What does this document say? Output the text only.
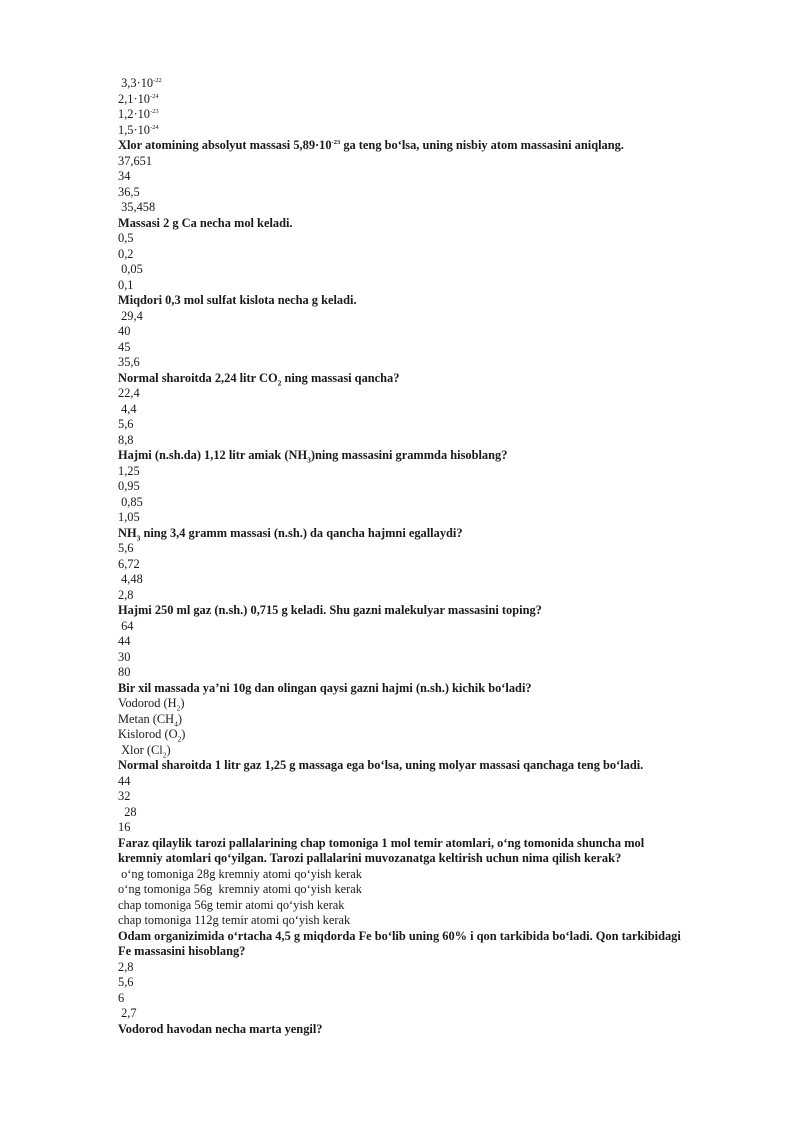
$3,3\cdot 10^{-22}$
$2,1\cdot 10^{-24}$
$1,2\cdot 10^{-23}$
$1,5\cdot 10^{-24}$
Xlor atomining absolyut massasi $5,89\cdot 10^{-23}$ ga teng bo‘lsa, uning nisbiy atom massasini aniqlang.
37,651
34
36,5
35,458
Massasi 2 g Ca necha mol keladi.
0,5
0,2
0,05
0,1
Miqdori 0,3 mol sulfat kislota necha g keladi.
29,4
40
45
35,6
Normal sharoitda 2,24 litr $CO_2$ ning massasi qancha?
22,4
4,4
5,6
8,8
Hajmi (n.sh.da) 1,12 litr amiak $(NH_3)ning$ massasini grammda hisoblang?
1,25
0,95
0,85
1,05
$NH_3$ ning 3,4 gramm massasi (n.sh.) da qancha hajmni egallaydi?
5,6
6,72
4,48
2,8
Hajmi 250 ml gaz (n.sh.) 0,715 g keladi. Shu gazni malekulyar massasini toping?
64
44
30
80
Bir xil massada ya’ni 10g dan olingan qaysi gazni hajmi (n.sh.) kichik bo‘ladi?
Vodorod $(H_2)$
Metan $(CH_4)$
Kislorod $(O_2)$
Xlor $(Cl_2)$
Normal sharoitda 1 litr gaz 1,25 g massaga ega bo‘lsa, uning molyar massasi qanchaga teng bo‘ladi.
44
32
28
16
Faraz qilaylik tarozi pallalarining chap tomoniga 1 mol temir atomlari, o‘ng tomonida shuncha mol
kremniy atomlari qo‘yilgan. Tarozi pallalarini muvozanatga keltirish uchun nima qilish kerak?
o‘ng tomoniga 28g kremniy atomi qo‘yish kerak
o‘ng tomoniga 56g  kremniy atomi qo‘yish kerak
chap tomoniga 56g temir atomi qo‘yish kerak
chap tomoniga 112g temir atomi qo‘yish kerak
Odam organizimida o‘rtacha 4,5 g miqdorda Fe bo‘lib uning 60% i qon tarkibida bo‘ladi. Qon tarkibidagi
Fe massasini hisoblang?
2,8
5,6
6
2,7
Vodorod havodan necha marta yengil?
